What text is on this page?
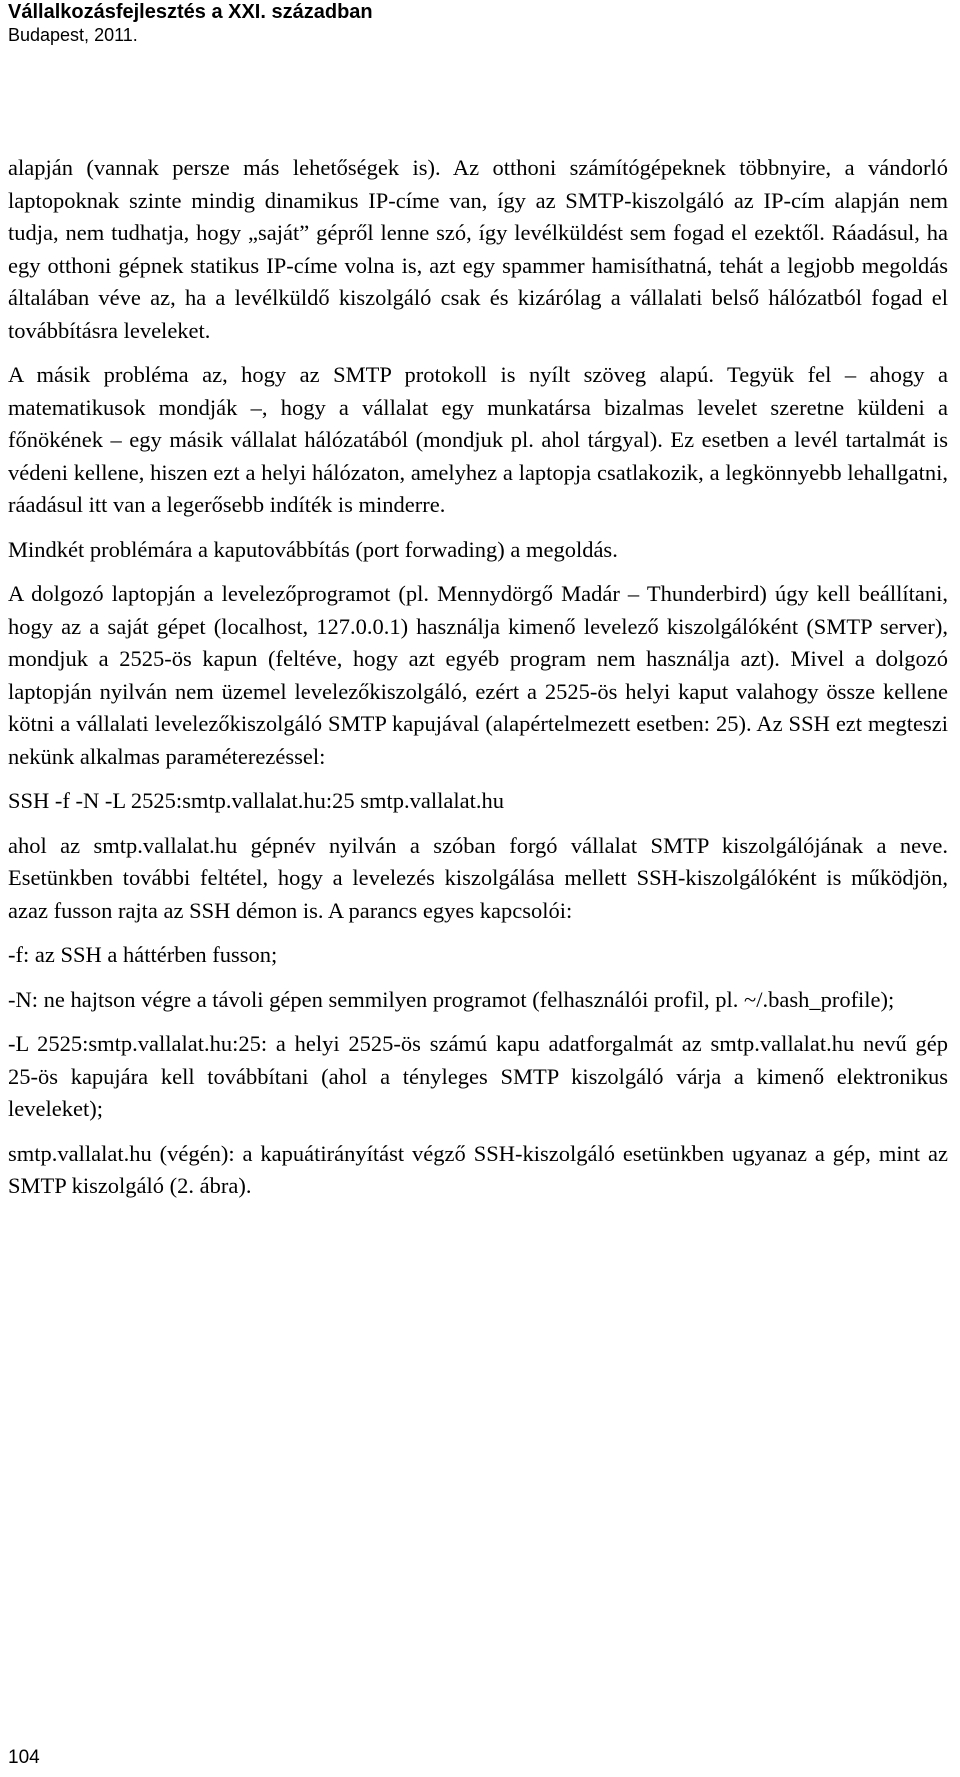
Vállalkozásfejlesztés a XXI. században
Budapest, 2011.

alapján (vannak persze más lehetőségek is). Az otthoni számítógépeknek többnyire, a vándorló laptopoknak szinte mindig dinamikus IP-címe van, így az SMTP-kiszolgáló az IP-cím alapján nem tudja, nem tudhatja, hogy „saját” gépről lenne szó, így levélküldést sem fogad el ezektől. Ráadásul, ha egy otthoni gépnek statikus IP-címe volna is, azt egy spammer hamisíthatná, tehát a legjobb megoldás általában véve az, ha a levélküldő kiszolgáló csak és kizárólag a vállalati belső hálózatból fogad el továbbításra leveleket.

A másik probléma az, hogy az SMTP protokoll is nyílt szöveg alapú. Tegyük fel – ahogy a matematikusok mondják –, hogy a vállalat egy munkatársa bizalmas levelet szeretne küldeni a főnökének – egy másik vállalat hálózatából (mondjuk pl. ahol tárgyal). Ez esetben a levél tartalmát is védeni kellene, hiszen ezt a helyi hálózaton, amelyhez a laptopja csatlakozik, a legkönnyebb lehallgatni, ráadásul itt van a legerősebb indíték is minderre.

Mindkét problémára a kaputovábbítás (port forwading) a megoldás.

A dolgozó laptopján a levelezőprogramot (pl. Mennydörgő Madár – Thunderbird) úgy kell beállítani, hogy az a saját gépet (localhost, 127.0.0.1) használja kimenő levelező kiszolgálóként (SMTP server), mondjuk a 2525-ös kapun (feltéve, hogy azt egyéb program nem használja azt). Mivel a dolgozó laptopján nyilván nem üzemel levelezőkiszolgáló, ezért a 2525-ös helyi kaput valahogy össze kellene kötni a vállalati levelezőkiszolgáló SMTP kapujával (alapértelmezett esetben: 25). Az SSH ezt megteszi nekünk alkalmas paraméterezéssel:

SSH -f -N -L 2525:smtp.vallalat.hu:25 smtp.vallalat.hu

ahol az smtp.vallalat.hu gépnév nyilván a szóban forgó vállalat SMTP kiszolgálójának a neve. Esetünkben további feltétel, hogy a levelezés kiszolgálása mellett SSH-kiszolgálóként is működjön, azaz fusson rajta az SSH démon is. A parancs egyes kapcsolói:

-f: az SSH a háttérben fusson;

-N: ne hajtson végre a távoli gépen semmilyen programot (felhasználói profil, pl. ~/.bash_profile);

-L 2525:smtp.vallalat.hu:25: a helyi 2525-ös számú kapu adatforgalmát az smtp.vallalat.hu nevű gép 25-ös kapujára kell továbbítani (ahol a tényleges SMTP kiszolgáló várja a kimenő elektronikus leveleket);

smtp.vallalat.hu (végén): a kapuátirányítást végző SSH-kiszolgáló esetünkben ugyanaz a gép, mint az SMTP kiszolgáló (2. ábra).

104
